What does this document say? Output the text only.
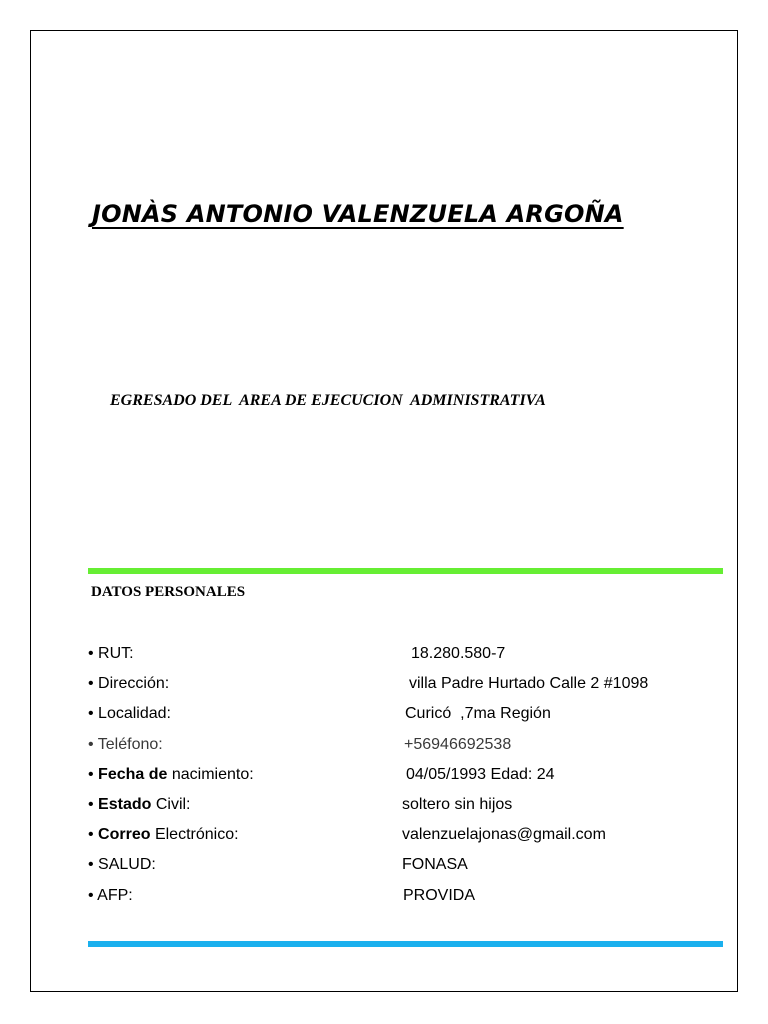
JONÀS ANTONIO VALENZUELA ARGOÑA
EGRESADO DEL  AREA DE EJECUCION  ADMINISTRATIVA
DATOS PERSONALES

• RUT:

	18.280.580-7

• Dirección:

	villa Padre Hurtado Calle 2 #1098

• Localidad:

	Curicó  ,7ma Región

• Teléfono:

	+56946692538

• Fecha de nacimiento:

	04/05/1993 Edad: 24

• Estado Civil:

	soltero sin hijos

• Correo Electrónico:

	valenzuelajonas@gmail.com

• SALUD:

	FONASA

• AFP:

	PROVIDA
